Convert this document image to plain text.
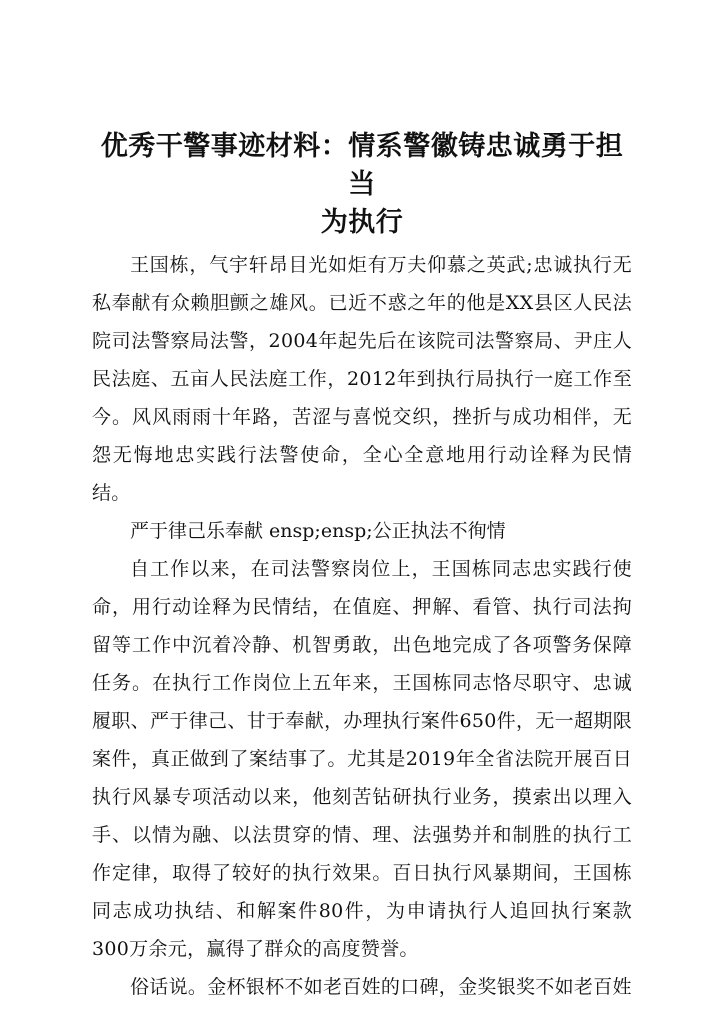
优秀干警事迹材料：情系警徽铸忠诚勇于担当
为执行

王国栋，气宇轩昂目光如炬有万夫仰慕之英武;忠诚执行无私奉献有众赖胆颤之雄风。已近不惑之年的他是XX县区人民法院司法警察局法警，2004年起先后在该院司法警察局、尹庄人民法庭、五亩人民法庭工作，2012年到执行局执行一庭工作至今。风风雨雨十年路，苦涩与喜悦交织，挫折与成功相伴，无怨无悔地忠实践行法警使命，全心全意地用行动诠释为民情结。

严于律己乐奉献 ensp;ensp;公正执法不徇情

自工作以来，在司法警察岗位上，王国栋同志忠实践行使命，用行动诠释为民情结，在值庭、押解、看管、执行司法拘留等工作中沉着冷静、机智勇敢，出色地完成了各项警务保障任务。在执行工作岗位上五年来，王国栋同志恪尽职守、忠诚履职、严于律己、甘于奉献，办理执行案件650件，无一超期限案件，真正做到了案结事了。尤其是2019年全省法院开展百日执行风暴专项活动以来，他刻苦钻研执行业务，摸索出以理入手、以情为融、以法贯穿的情、理、法强势并和制胜的执行工作定律，取得了较好的执行效果。百日执行风暴期间，王国栋同志成功执结、和解案件80件，为申请执行人追回执行案款300万余元，赢得了群众的高度赞誉。

俗话说。金杯银杯不如老百姓的口碑，金奖银奖不如老百姓
